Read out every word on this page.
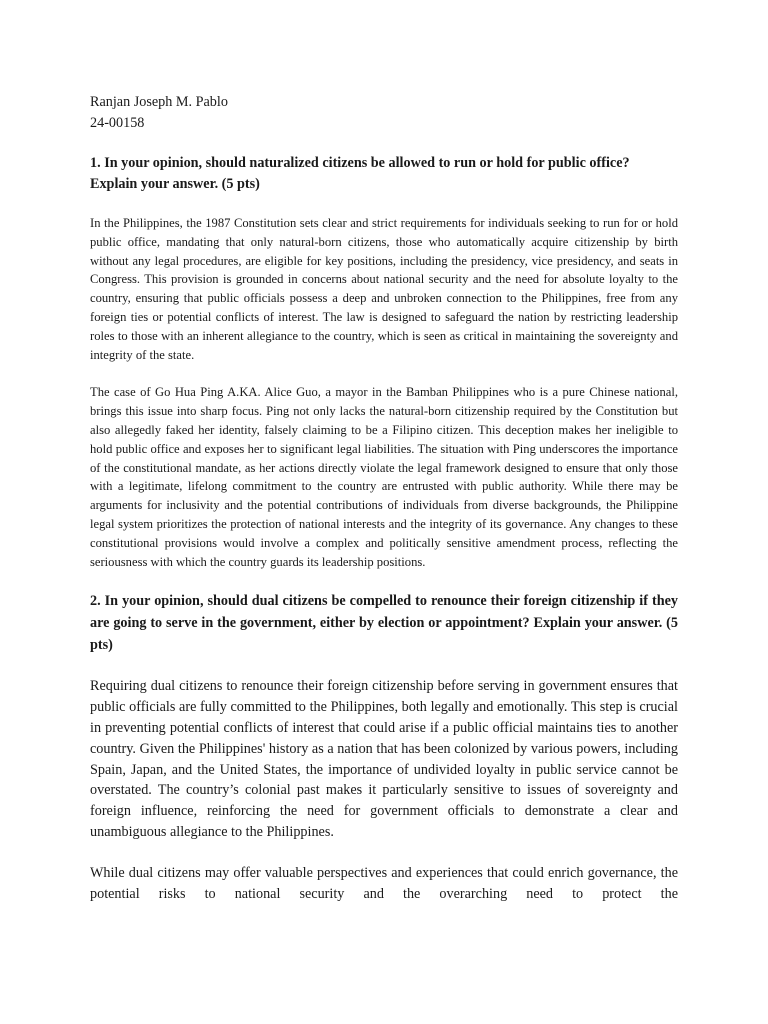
Ranjan Joseph M. Pablo
24-00158
1. In your opinion, should naturalized citizens be allowed to run or hold for public office? Explain your answer. (5 pts)
In the Philippines, the 1987 Constitution sets clear and strict requirements for individuals seeking to run for or hold public office, mandating that only natural-born citizens, those who automatically acquire citizenship by birth without any legal procedures, are eligible for key positions, including the presidency, vice presidency, and seats in Congress. This provision is grounded in concerns about national security and the need for absolute loyalty to the country, ensuring that public officials possess a deep and unbroken connection to the Philippines, free from any foreign ties or potential conflicts of interest. The law is designed to safeguard the nation by restricting leadership roles to those with an inherent allegiance to the country, which is seen as critical in maintaining the sovereignty and integrity of the state.
The case of Go Hua Ping A.KA. Alice Guo, a mayor in the Bamban Philippines who is a pure Chinese national, brings this issue into sharp focus. Ping not only lacks the natural-born citizenship required by the Constitution but also allegedly faked her identity, falsely claiming to be a Filipino citizen. This deception makes her ineligible to hold public office and exposes her to significant legal liabilities. The situation with Ping underscores the importance of the constitutional mandate, as her actions directly violate the legal framework designed to ensure that only those with a legitimate, lifelong commitment to the country are entrusted with public authority. While there may be arguments for inclusivity and the potential contributions of individuals from diverse backgrounds, the Philippine legal system prioritizes the protection of national interests and the integrity of its governance. Any changes to these constitutional provisions would involve a complex and politically sensitive amendment process, reflecting the seriousness with which the country guards its leadership positions.
2. In your opinion, should dual citizens be compelled to renounce their foreign citizenship if they are going to serve in the government, either by election or appointment? Explain your answer. (5 pts)
Requiring dual citizens to renounce their foreign citizenship before serving in government ensures that public officials are fully committed to the Philippines, both legally and emotionally. This step is crucial in preventing potential conflicts of interest that could arise if a public official maintains ties to another country. Given the Philippines' history as a nation that has been colonized by various powers, including Spain, Japan, and the United States, the importance of undivided loyalty in public service cannot be overstated. The country’s colonial past makes it particularly sensitive to issues of sovereignty and foreign influence, reinforcing the need for government officials to demonstrate a clear and unambiguous allegiance to the Philippines.
While dual citizens may offer valuable perspectives and experiences that could enrich governance, the potential risks to national security and the overarching need to protect the
